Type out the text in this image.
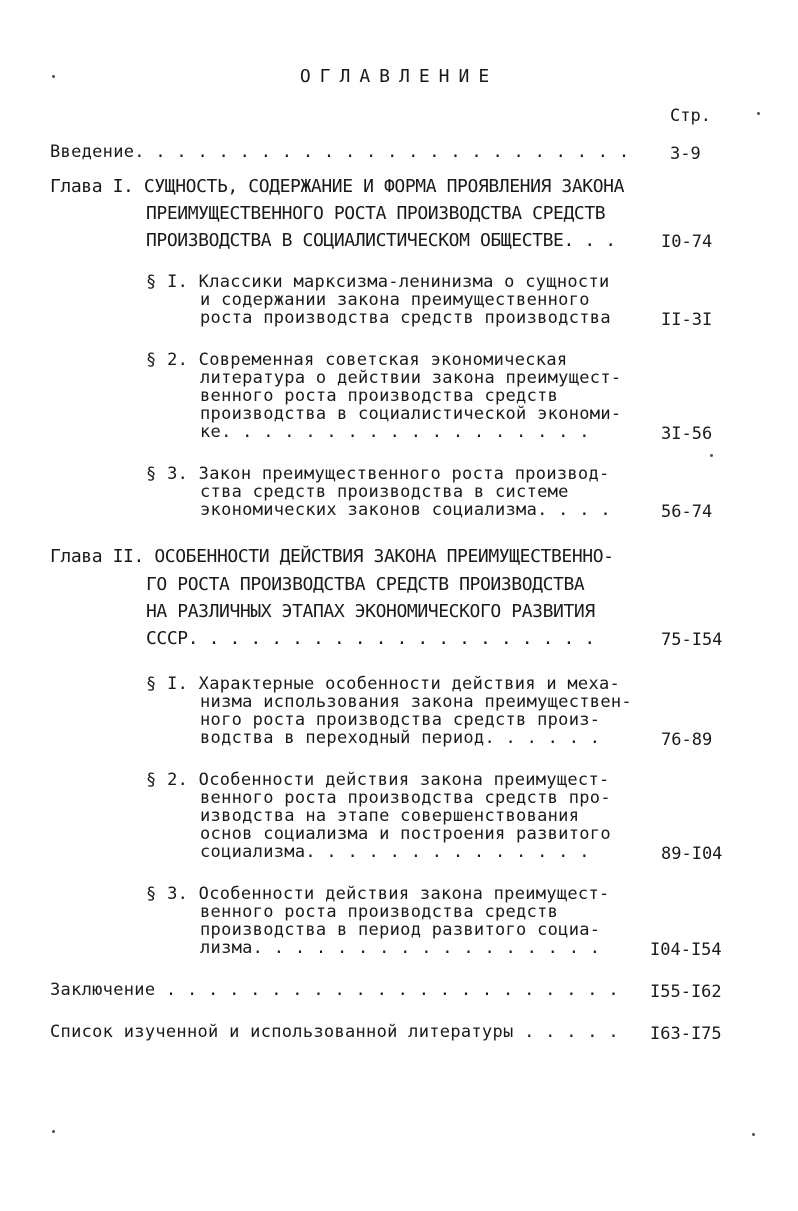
ОГЛАВЛЕНИЕ
Стр.
Введение. . . . . . . . . . . . . . . . . . . . . . . . 3-9
Глава I. СУЩНОСТЬ, СОДЕРЖАНИЕ И ФОРМА ПРОЯВЛЕНИЯ ЗАКОНА
ПРЕИМУЩЕСТВЕННОГО РОСТА ПРОИЗВОДСТВА СРЕДСТВ
ПРОИЗВОДСТВА В СОЦИАЛИСТИЧЕСКОМ ОБЩЕСТВЕ. . .	I0-74
§ I. Классики марксизма-ленинизма о сущности
и содержании закона преимущественного
роста производства средств производства	II-3I
§ 2. Современная советская экономическая
литература о действии закона преимущест-
венного роста производства средств
производства в социалистической экономи-
ке. . . . . . . . . . . . . . . . . .	3I-56
§ 3. Закон преимущественного роста производ-
ства средств производства в системе
экономических законов социализма. . . .	56-74
Глава II. ОСОБЕННОСТИ ДЕЙСТВИЯ ЗАКОНА ПРЕИМУЩЕСТВЕННО-
ГО РОСТА ПРОИЗВОДСТВА СРЕДСТВ ПРОИЗВОДСТВА
НА РАЗЛИЧНЫХ ЭТАПАХ ЭКОНОМИЧЕСКОГО РАЗВИТИЯ
СССР. . . . . . . . . . . . . . . . . . . .	75-I54
§ I. Характерные особенности действия и меха-
низма использования закона преимуществен-
ного роста производства средств произ-
водства в переходный период. . . . . .	76-89
§ 2. Особенности действия закона преимущест-
венного роста производства средств про-
изводства на этапе совершенствования
основ социализма и построения развитого
социализма. . . . . . . . . . . . . .	89-I04
§ 3. Особенности действия закона преимущест-
венного роста производства средств
производства в период развитого социа-
лизма. . . . . . . . . . . . . . . . .	I04-I54
Заключение . . . . . . . . . . . . . . . . . . . . . . I55-I62
Список изученной и использованной литературы . . . . . I63-I75
